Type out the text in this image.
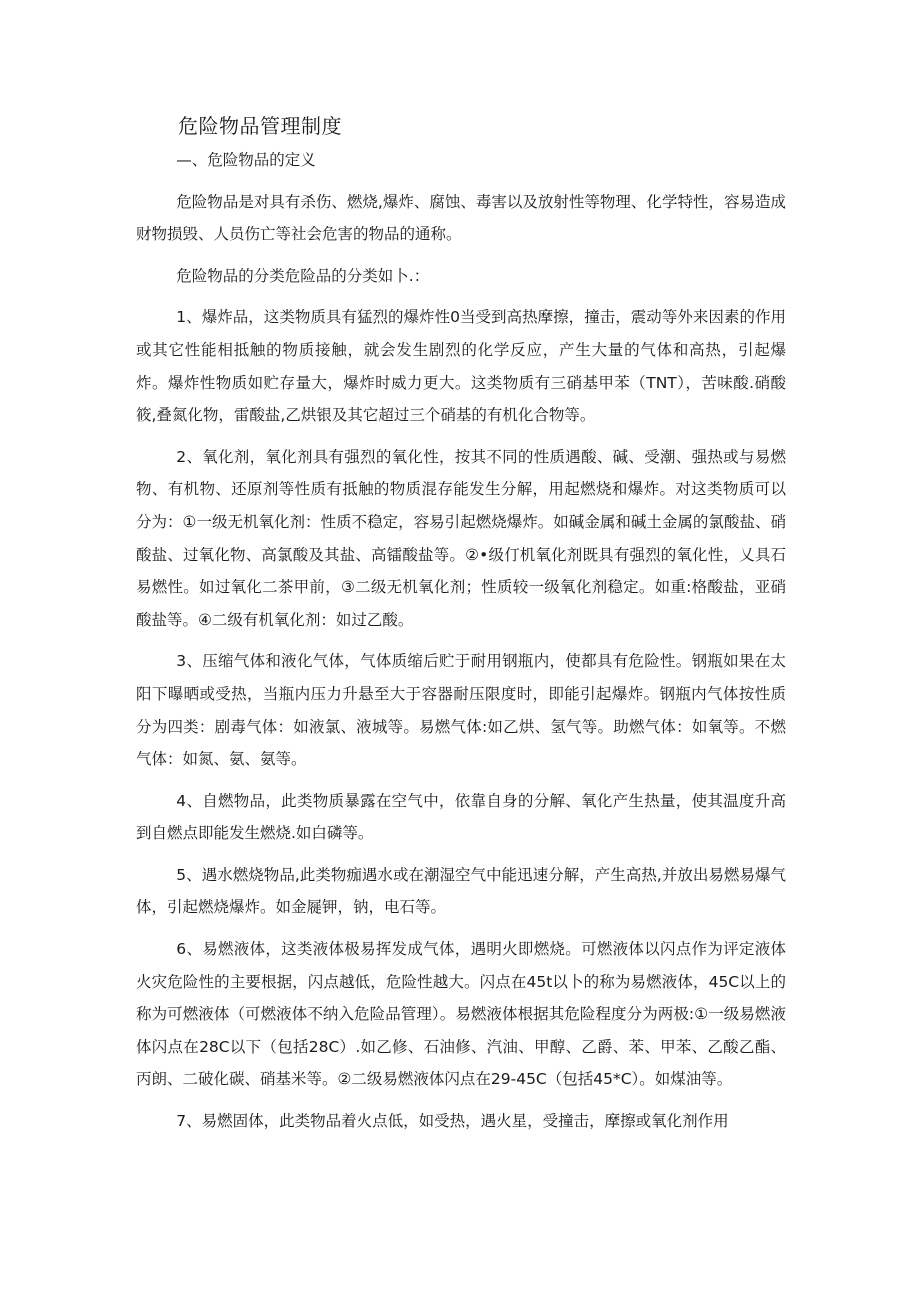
危险物品管理制度

—、危险物品的定义

危险物品是对具有杀伤、燃烧,爆炸、腐蚀、毒害以及放射性等物理、化学特性，容易造成财物损毁、人员伤亡等社会危害的物品的通称。

危险物品的分类危险品的分类如卜.：

1、爆炸品，这类物质具有猛烈的爆炸性0当受到高热摩擦，撞击，震动等外来因素的作用或其它性能相抵触的物质接触，就会发生剧烈的化学反应，产生大量的气体和高热，引起爆炸。爆炸性物质如贮存量大，爆炸时威力更大。这类物质有三硝基甲苯（TNT），苦味酸.硝酸筱,叠氮化物，雷酸盐,乙烘银及其它超过三个硝基的有机化合物等。

2、氧化剂，氧化剂具有强烈的氧化性，按其不同的性质遇酸、碱、受潮、强热或与易燃物、有机物、还原剂等性质有抵触的物质混存能发生分解，用起燃烧和爆炸。对这类物质可以分为：①一级无机氧化剂：性质不稳定，容易引起燃烧爆炸。如碱金属和碱土金属的氯酸盐、硝酸盐、过氧化物、高氯酸及其盐、高镭酸盐等。②•级仃机氧化剂既具有强烈的氧化性，乂具石易燃性。如过氧化二茶甲前，③二级无机氧化剂；性质较一级氧化剂稳定。如重:格酸盐，亚硝酸盐等。④二级有机氧化剂：如过乙酸。

3、压缩气体和液化气体，气体质缩后贮于耐用钢瓶内，使都具有危险性。钢瓶如果在太阳下曝晒或受热，当瓶内压力升悬至大于容器耐压限度时，即能引起爆炸。钢瓶内气体按性质分为四类：剧毒气体：如液氯、液城等。易燃气体:如乙烘、氢气等。助燃气体：如氧等。不燃气体：如氮、氨、氨等。

4、自燃物品，此类物质暴露在空气中，依靠自身的分解、氧化产生热量，使其温度升高到自燃点即能发生燃烧.如白磷等。

5、遇水燃烧物品,此类物痂遇水或在潮湿空气中能迅速分解，产生高热,并放出易燃易爆气体，引起燃烧爆炸。如金屣钾，钠，电石等。

6、易燃液体，这类液体极易挥发成气体，遇明火即燃烧。可燃液体以闪点作为评定液体火灾危险性的主要根据，闪点越低，危险性越大。闪点在45t以卜的称为易燃液体，45C以上的称为可燃液体（可燃液体不纳入危险品管理）。易燃液体根据其危险程度分为两极:①一级易燃液体闪点在28C以下（包括28C）.如乙修、石油修、汽油、甲醇、乙爵、苯、甲苯、乙酸乙酯、丙朗、二破化碳、硝基米等。②二级易燃液体闪点在29-45C（包括45*C）。如煤油等。

7、易燃固体，此类物品着火点低，如受热，遇火星，受撞击，摩擦或氧化剂作用
